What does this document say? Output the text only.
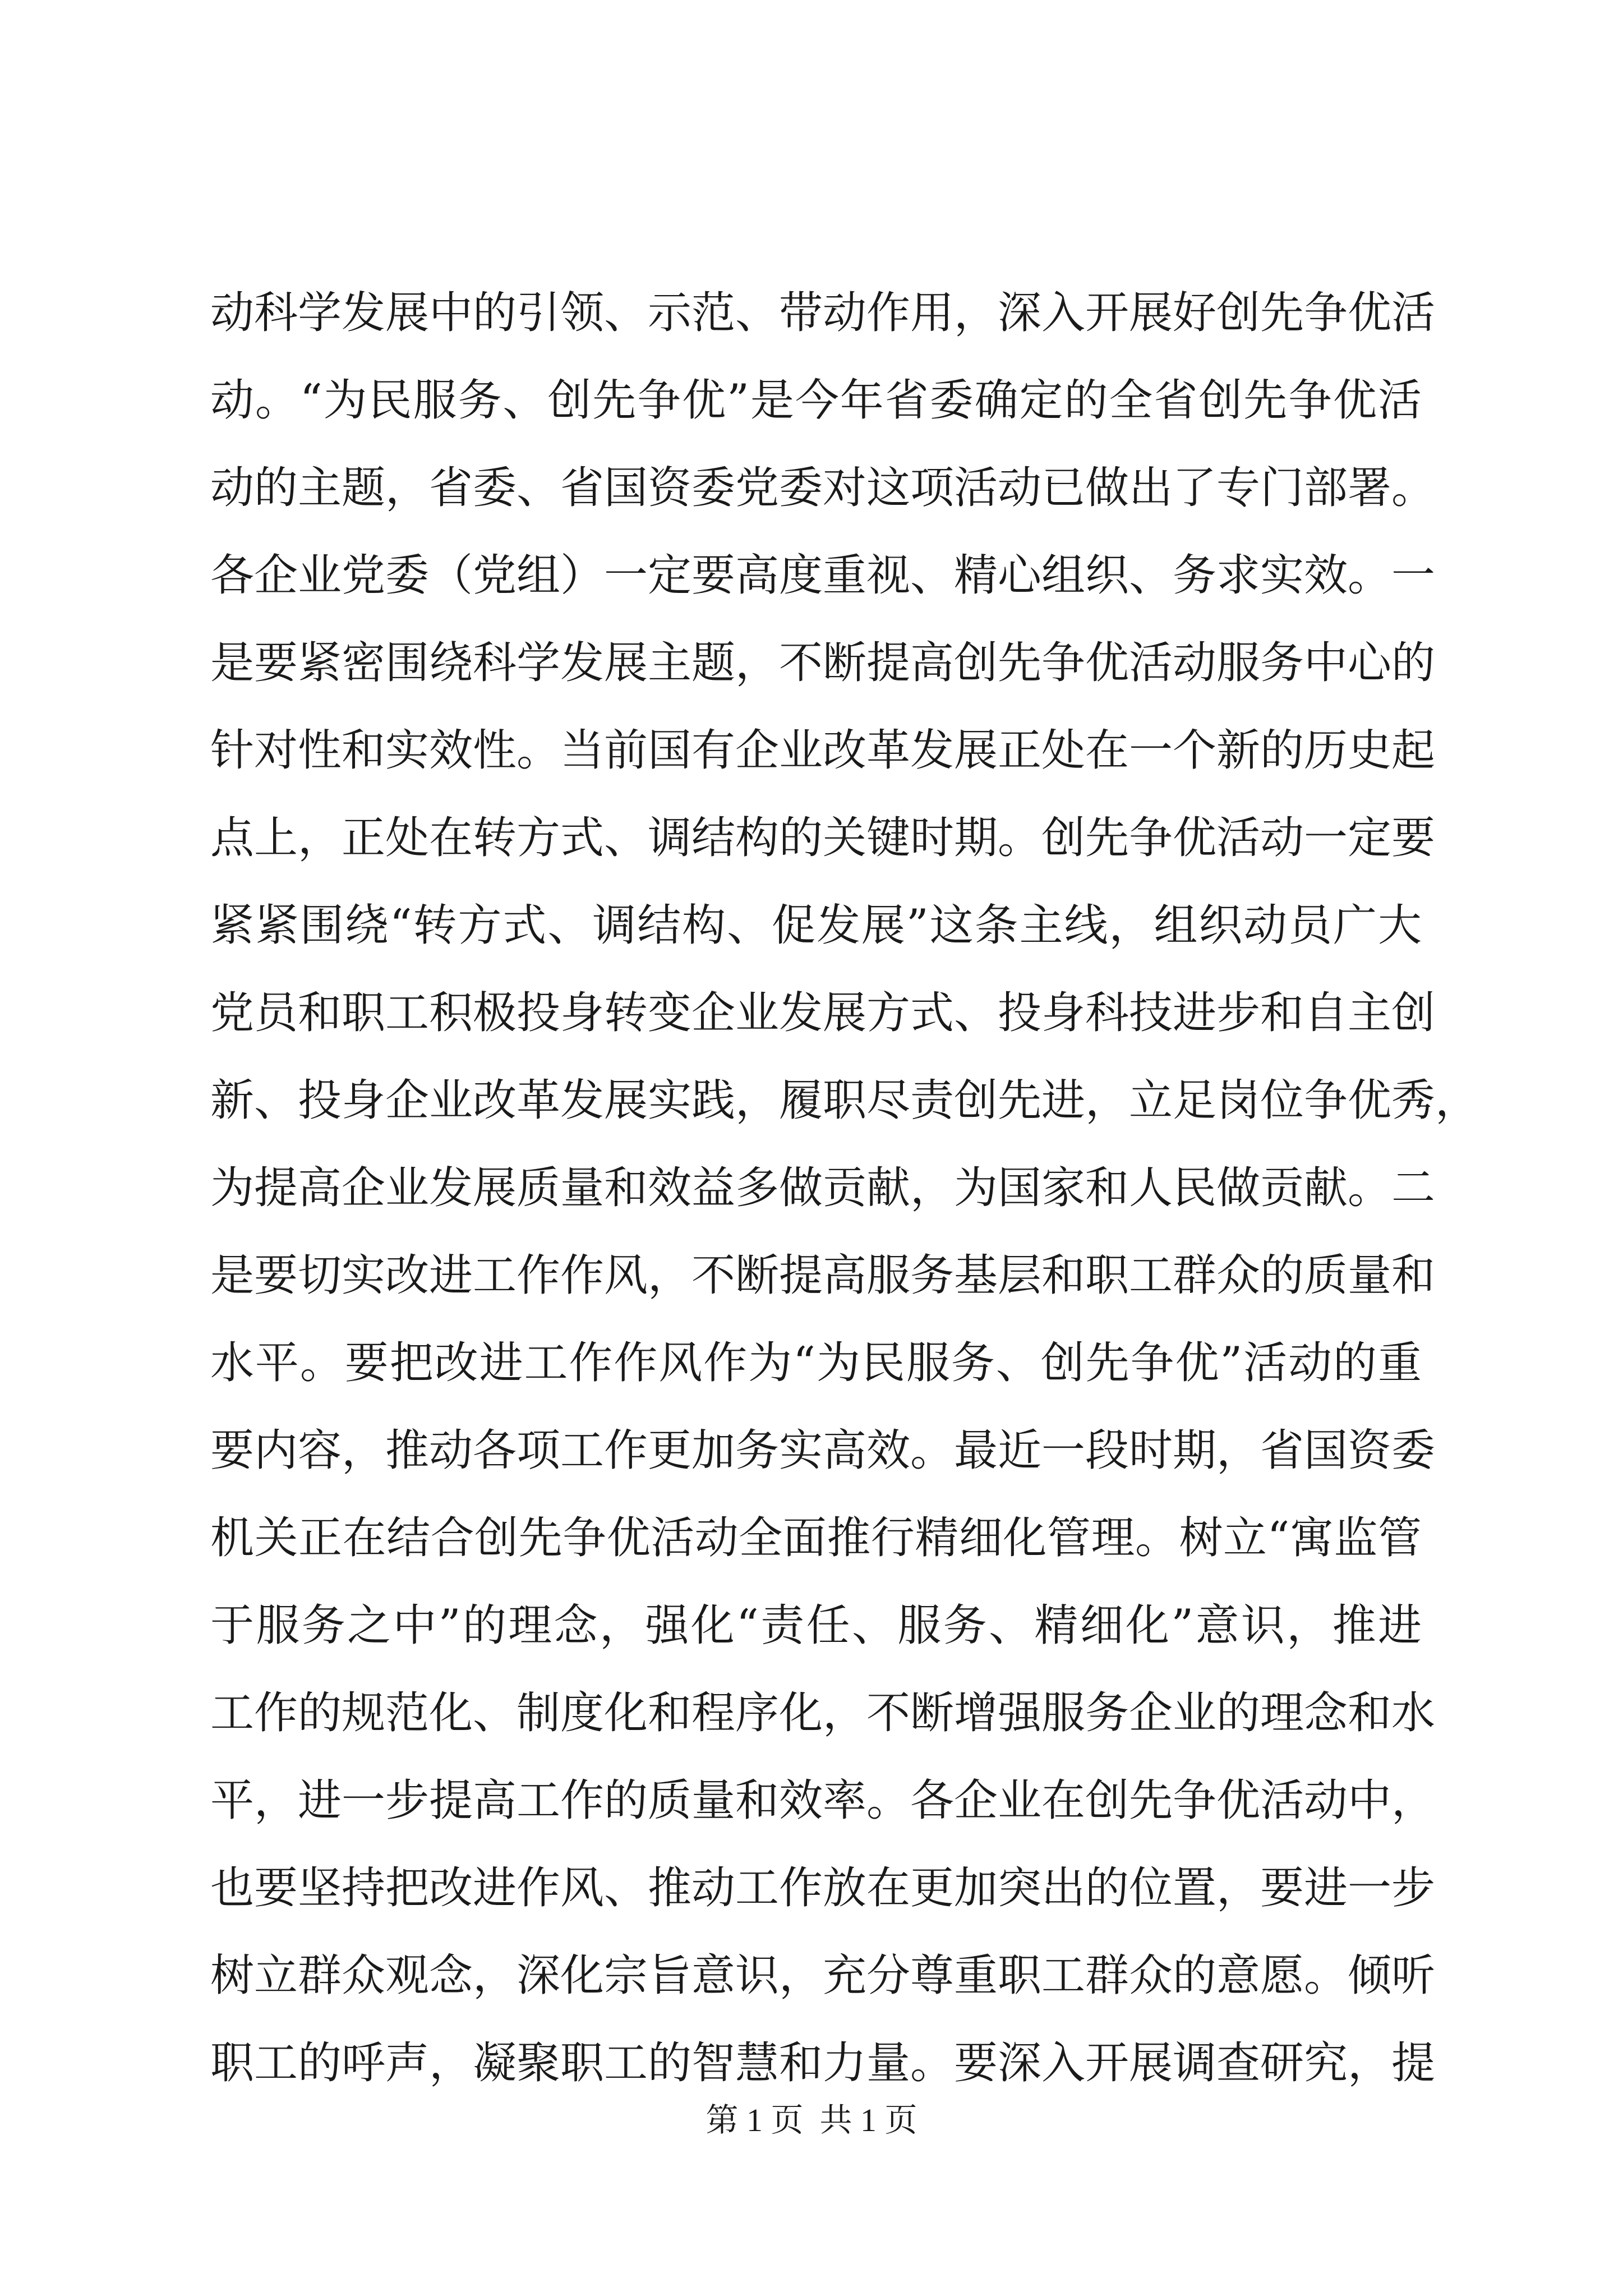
动科学发展中的引领、示范、带动作用，深入开展好创先争优活
动。“为民服务、创先争优”是今年省委确定的全省创先争优活
动的主题，省委、省国资委党委对这项活动已做出了专门部署。
各企业党委（党组）一定要高度重视、精心组织、务求实效。一
是要紧密围绕科学发展主题，不断提高创先争优活动服务中心的
针对性和实效性。当前国有企业改革发展正处在一个新的历史起
点上，正处在转方式、调结构的关键时期。创先争优活动一定要
紧紧围绕“转方式、调结构、促发展”这条主线，组织动员广大
党员和职工积极投身转变企业发展方式、投身科技进步和自主创
新、投身企业改革发展实践，履职尽责创先进，立足岗位争优秀，
为提高企业发展质量和效益多做贡献，为国家和人民做贡献。二
是要切实改进工作作风，不断提高服务基层和职工群众的质量和
水平。要把改进工作作风作为“为民服务、创先争优”活动的重
要内容，推动各项工作更加务实高效。最近一段时期，省国资委
机关正在结合创先争优活动全面推行精细化管理。树立“寓监管
于服务之中”的理念，强化“责任、服务、精细化”意识，推进
工作的规范化、制度化和程序化，不断增强服务企业的理念和水
平，进一步提高工作的质量和效率。各企业在创先争优活动中，
也要坚持把改进作风、推动工作放在更加突出的位置，要进一步
树立群众观念，深化宗旨意识，充分尊重职工群众的意愿。倾听
职工的呼声，凝聚职工的智慧和力量。要深入开展调查研究，提
第 1 页  共 1 页
